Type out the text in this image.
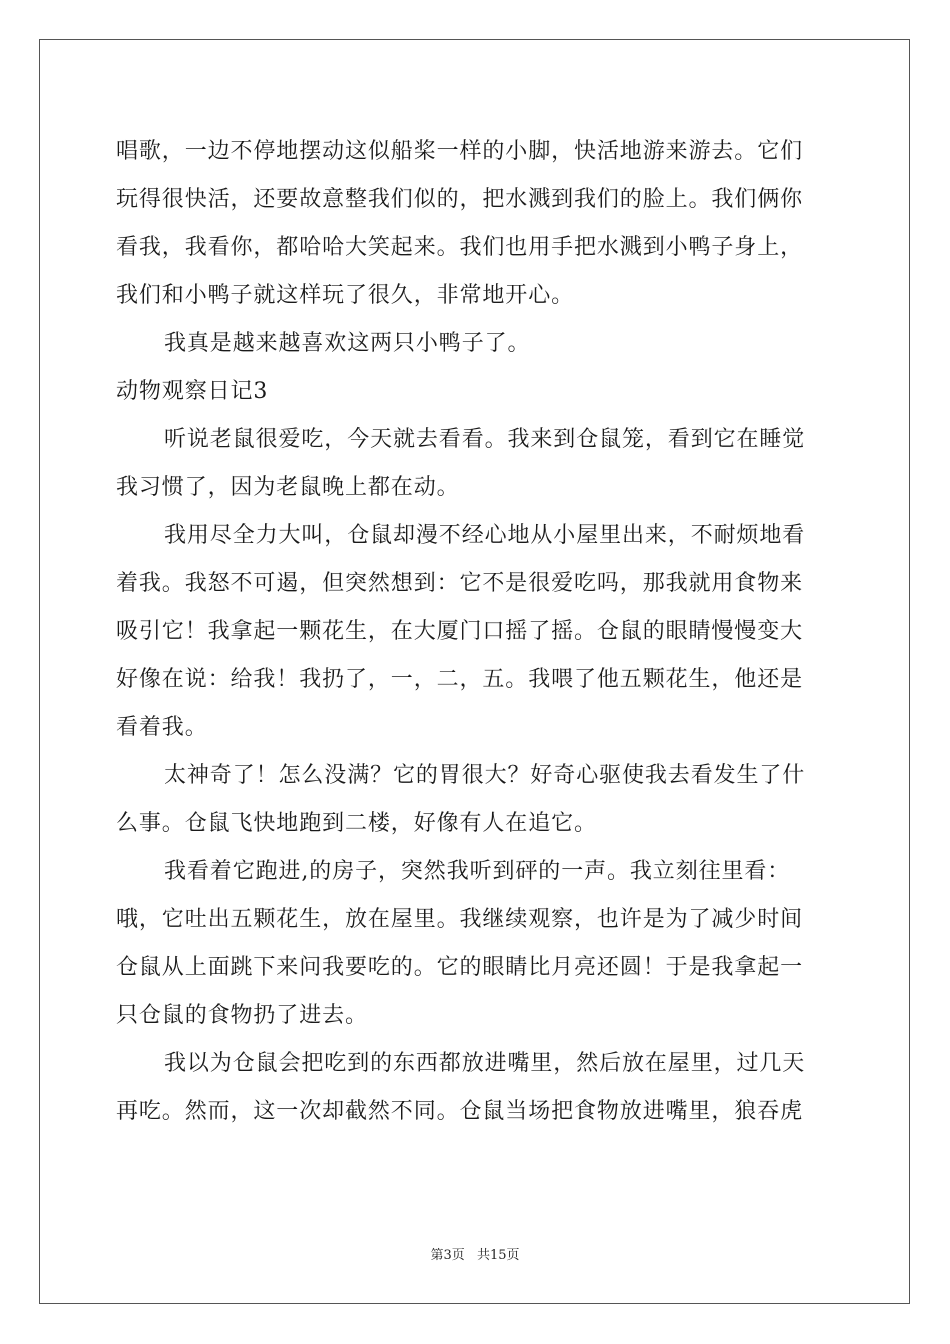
唱歌，一边不停地摆动这似船桨一样的小脚，快活地游来游去。它们
玩得很快活，还要故意整我们似的，把水溅到我们的脸上。我们俩你
看我，我看你，都哈哈大笑起来。我们也用手把水溅到小鸭子身上，
我们和小鸭子就这样玩了很久，非常地开心。
我真是越来越喜欢这两只小鸭子了。
动物观察日记3
听说老鼠很爱吃，今天就去看看。我来到仓鼠笼，看到它在睡觉
我习惯了，因为老鼠晚上都在动。
我用尽全力大叫，仓鼠却漫不经心地从小屋里出来，不耐烦地看
着我。我怒不可遏，但突然想到：它不是很爱吃吗，那我就用食物来
吸引它！我拿起一颗花生，在大厦门口摇了摇。仓鼠的眼睛慢慢变大
好像在说：给我！我扔了，一，二，五。我喂了他五颗花生，他还是
看着我。
太神奇了！怎么没满？它的胃很大？好奇心驱使我去看发生了什
么事。仓鼠飞快地跑到二楼，好像有人在追它。
我看着它跑进,的房子，突然我听到砰的一声。我立刻往里看：
哦，它吐出五颗花生，放在屋里。我继续观察，也许是为了减少时间
仓鼠从上面跳下来问我要吃的。它的眼睛比月亮还圆！于是我拿起一
只仓鼠的食物扔了进去。
我以为仓鼠会把吃到的东西都放进嘴里，然后放在屋里，过几天
再吃。然而，这一次却截然不同。仓鼠当场把食物放进嘴里，狼吞虎
第3页 共15页
